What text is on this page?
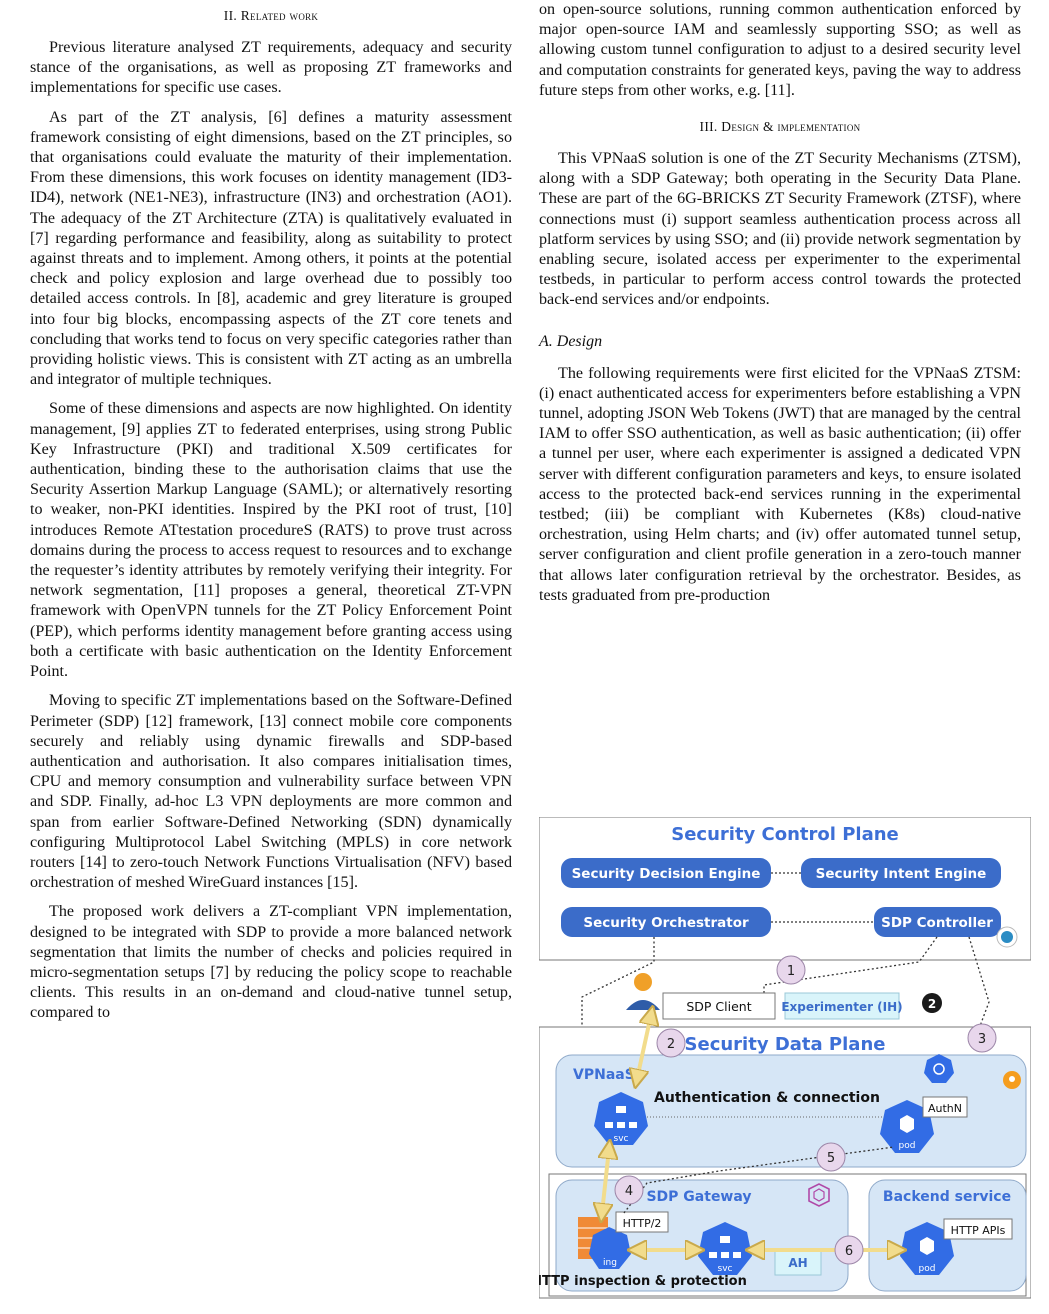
II. Related work

Previous literature analysed ZT requirements, adequacy and security stance of the organisations, as well as proposing ZT frameworks and implementations for specific use cases.

As part of the ZT analysis, [6] defines a maturity assessment framework consisting of eight dimensions, based on the ZT principles, so that organisations could evaluate the maturity of their implementation. From these dimensions, this work focuses on identity management (ID3-ID4), network (NE1-NE3), infrastructure (IN3) and orchestration (AO1). The adequacy of the ZT Architecture (ZTA) is qualitatively evaluated in [7] regarding performance and feasibility, along as suitability to protect against threats and to implement. Among others, it points at the potential check and policy explosion and large overhead due to possibly too detailed access controls. In [8], academic and grey literature is grouped into four big blocks, encompassing aspects of the ZT core tenets and concluding that works tend to focus on very specific categories rather than providing holistic views. This is consistent with ZT acting as an umbrella and integrator of multiple techniques.

Some of these dimensions and aspects are now highlighted. On identity management, [9] applies ZT to federated enterprises, using strong Public Key Infrastructure (PKI) and traditional X.509 certificates for authentication, binding these to the authorisation claims that use the Security Assertion Markup Language (SAML); or alternatively resorting to weaker, non-PKI identities. Inspired by the PKI root of trust, [10] introduces Remote ATtestation procedureS (RATS) to prove trust across domains during the process to access request to resources and to exchange the requester’s identity attributes by remotely verifying their integrity. For network segmentation, [11] proposes a general, theoretical ZT-VPN framework with OpenVPN tunnels for the ZT Policy Enforcement Point (PEP), which performs identity management before granting access using both a certificate with basic authentication on the Identity Enforcement Point.

Moving to specific ZT implementations based on the Software-Defined Perimeter (SDP) [12] framework, [13] connect mobile core components securely and reliably using dynamic firewalls and SDP-based authentication and authorisation. It also compares initialisation times, CPU and memory consumption and vulnerability surface between VPN and SDP. Finally, ad-hoc L3 VPN deployments are more common and span from earlier Software-Defined Networking (SDN) dynamically configuring Multiprotocol Label Switching (MPLS) in core network routers [14] to zero-touch Network Functions Virtualisation (NFV) based orchestration of meshed WireGuard instances [15].

The proposed work delivers a ZT-compliant VPN implementation, designed to be integrated with SDP to provide a more balanced network segmentation that limits the number of checks and policies required in micro-segmentation setups [7] by reducing the policy scope to reachable clients. This results in an on-demand and cloud-native tunnel setup, compared to

on open-source solutions, running common authentication enforced by major open-source IAM and seamlessly supporting SSO; as well as allowing custom tunnel configuration to adjust to a desired security level and computation constraints for generated keys, paving the way to address future steps from other works, e.g. [11].

III. Design & implementation

This VPNaaS solution is one of the ZT Security Mechanisms (ZTSM), along with a SDP Gateway; both operating in the Security Data Plane. These are part of the 6G-BRICKS ZT Security Framework (ZTSF), where connections must (i) support seamless authentication process across all platform services by using SSO; and (ii) provide network segmentation by enabling secure, isolated access per experimenter to the experimental testbeds, in particular to perform access control towards the protected back-end services and/or endpoints.

A. Design

The following requirements were first elicited for the VPNaaS ZTSM: (i) enact authenticated access for experimenters before establishing a VPN tunnel, adopting JSON Web Tokens (JWT) that are managed by the central IAM to offer SSO authentication, as well as basic authentication; (ii) offer a tunnel per user, where each experimenter is assigned a dedicated VPN server with different configuration parameters and keys, to ensure isolated access to the protected back-end services running in the experimental testbed; (iii) be compliant with Kubernetes (K8s) cloud-native orchestration, using Helm charts; and (iv) offer automated tunnel setup, server configuration and client profile generation in a zero-touch manner that allows later configuration retrieval by the orchestrator. Besides, as tests graduated from pre-production

Security Control Plane
Security Decision Engine	Security Intent Engine
Security Orchestrator	SDP Controller
SDP Client Experimenter (IH) 2
1
Security Data Plane
VPNaaS
Authentication & connection
svc
pod
AuthN
2	3
SDP Gateway	Backend service
ing
HTTP/2
svc	AH
HTTP inspection & protection
pod
HTTP APIs
4
5
6
